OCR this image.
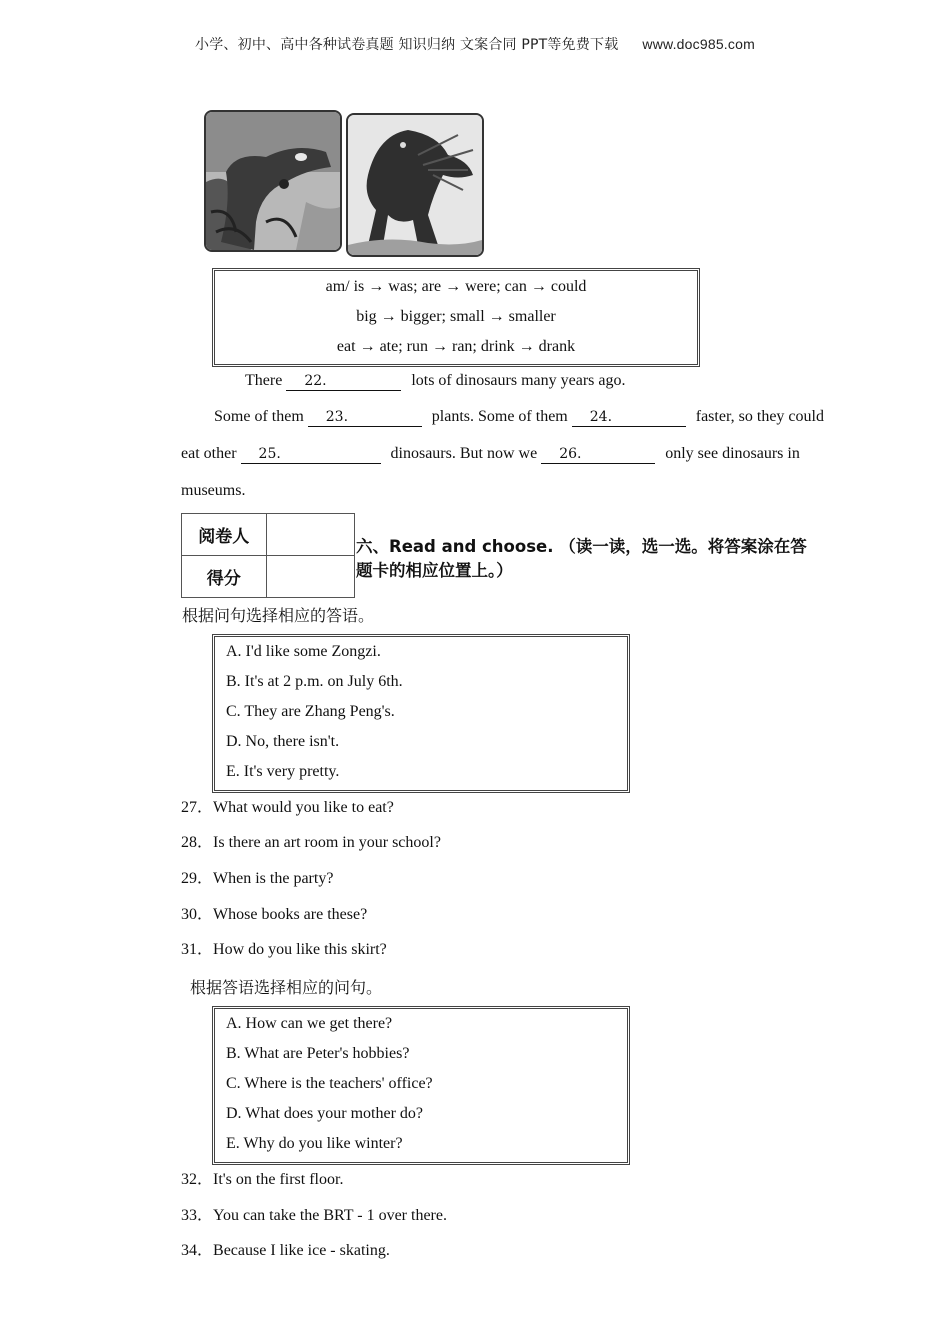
小学、初中、高中各种试卷真题 知识归纳 文案合同 PPT等免费下载 www.doc985.com
am/ is → was; are → were; can → could
big → bigger; small → smaller
eat → ate; run → ran; drink → drank
There 22.	lots of dinosaurs many years ago.
Some of them 23.	plants. Some of them 24.	faster, so they could
eat other 25.	dinosaurs. But now we 26.	only see dinosaurs in
museums.
阅卷人	
得分	
六、Read and choose. （读一读，选一选。将答案涂在答
题卡的相应位置上。）
根据问句选择相应的答语。
A. I'd like some Zongzi.
B. It's at 2 p.m. on July 6th.
C. They are Zhang Peng's.
D. No, there isn't.
E. It's very pretty.
27．What would you like to eat?
28．Is there an art room in your school?
29．When is the party?
30．Whose books are these?
31．How do you like this skirt?
根据答语选择相应的问句。
A. How can we get there?
B. What are Peter's hobbies?
C. Where is the teachers' office?
D. What does your mother do?
E. Why do you like winter?
32．It's on the first floor.
33．You can take the BRT - 1 over there.
34．Because I like ice - skating.
